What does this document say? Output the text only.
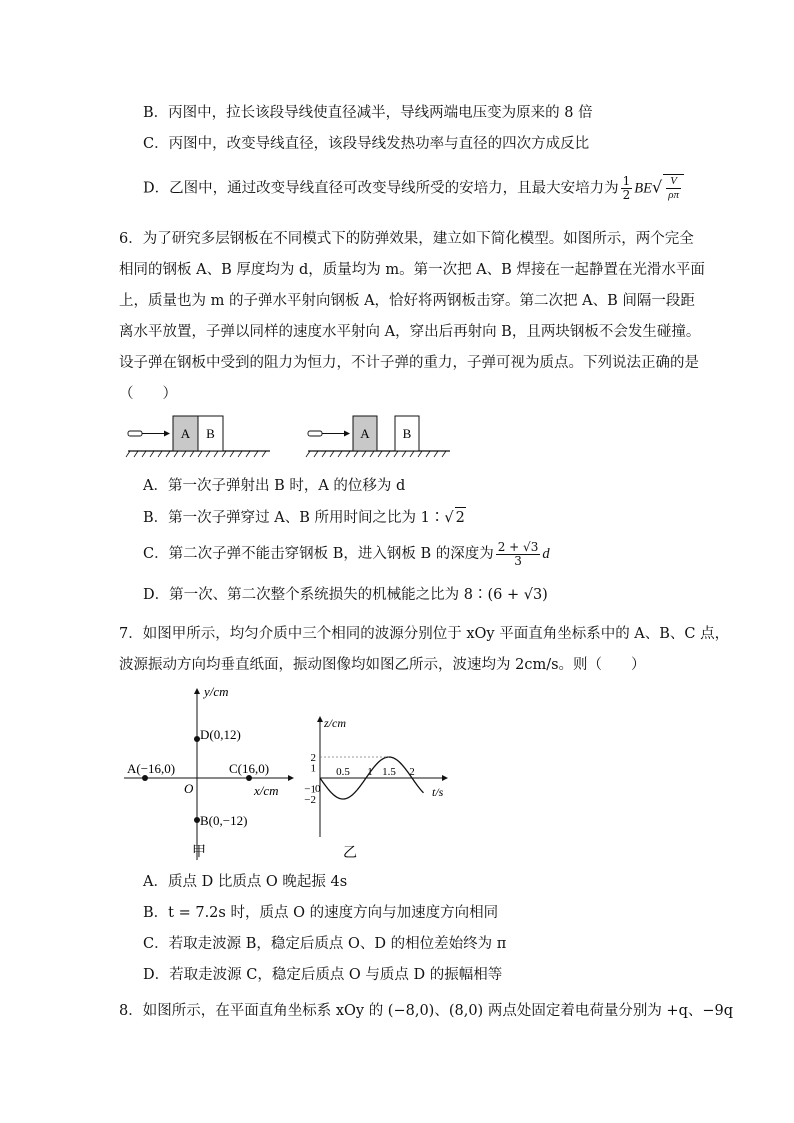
B．丙图中，拉长该段导线使直径减半，导线两端电压变为原来的 8 倍
C．丙图中，改变导线直径，该段导线发热功率与直径的四次方成反比
D．乙图中，通过改变导线直径可改变导线所受的安培力，且最大安培力为 $\frac{1}{2} BE√ \frac{V}{\rho\pi}$
6．为了研究多层钢板在不同模式下的防弹效果，建立如下简化模型。如图所示，两个完全
相同的钢板 A、B 厚度均为 d，质量均为 m。第一次把 A、B 焊接在一起静置在光滑水平面
上，质量也为 m 的子弹水平射向钢板 A，恰好将两钢板击穿。第二次把 A、B 间隔一段距
离水平放置，子弹以同样的速度水平射向 A，穿出后再射向 B，且两块钢板不会发生碰撞。
设子弹在钢板中受到的阻力为恒力，不计子弹的重力，子弹可视为质点。下列说法正确的是
（　　）
A B	A	B
A．第一次子弹射出 B 时，A 的位移为 d
B．第一次子弹穿过 A、B 所用时间之比为 1∶√ 2
C．第二次子弹不能击穿钢板 B，进入钢板 B 的深度为 $\frac{2 + √3}{3}$ d
D．第一次、第二次整个系统损失的机械能之比为 8∶(6 + √3)
7．如图甲所示，均匀介质中三个相同的波源分别位于 xOy 平面直角坐标系中的 A、B、C 点，
波源振动方向均垂直纸面，振动图像均如图乙所示，波速均为 2cm/s。则（　　）
y/cm
x/cm
O
A(−16,0)	C(16,0)
D(0,12)
B(0,−12)
甲
z/cm
t/s
0
2
1
−1
−2
0.5 1 1.5 2
乙
A．质点 D 比质点 O 晚起振 4s
B．t = 7.2s 时，质点 O 的速度方向与加速度方向相同
C．若取走波源 B，稳定后质点 O、D 的相位差始终为 π
D．若取走波源 C，稳定后质点 O 与质点 D 的振幅相等
8．如图所示，在平面直角坐标系 xOy 的 (−8,0)、(8,0) 两点处固定着电荷量分别为 +q、−9q
